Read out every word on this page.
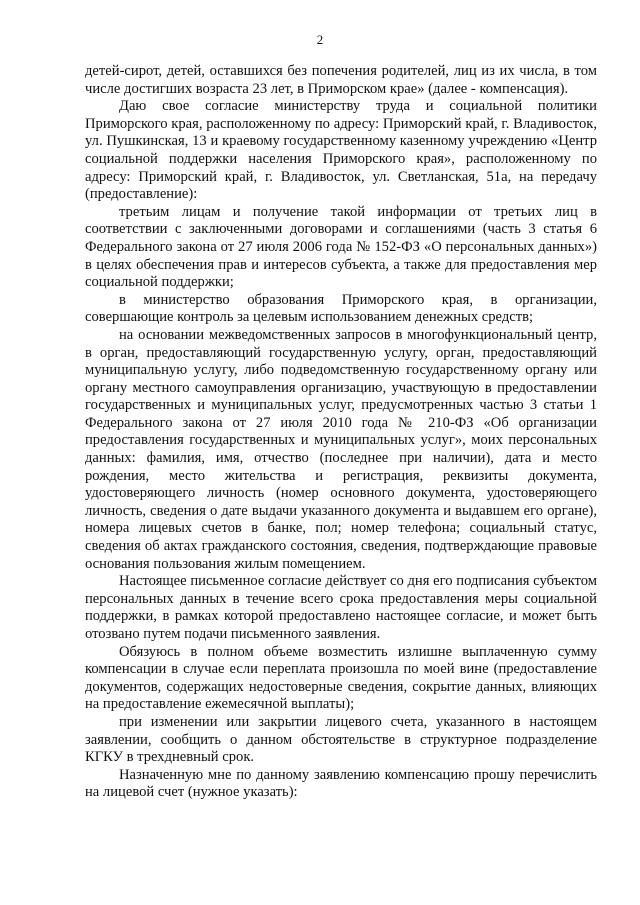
2

детей-сирот, детей, оставшихся без попечения родителей, лиц из их числа, в том числе достигших возраста 23 лет, в Приморском крае» (далее - компенсация).

Даю свое согласие министерству труда и социальной политики Приморского края, расположенному по адресу: Приморский край, г. Владивосток, ул. Пушкинская, 13 и краевому государственному казенному учреждению «Центр социальной поддержки населения Приморского края», расположенному по адресу: Приморский край, г. Владивосток, ул. Светланская, 51а, на передачу (предоставление):

третьим лицам и получение такой информации от третьих лиц в соответствии с заключенными договорами и соглашениями (часть 3 статья 6 Федерального закона от 27 июля 2006 года № 152-ФЗ «О персональных данных») в целях обеспечения прав и интересов субъекта, а также для предоставления мер социальной поддержки;

в министерство образования Приморского края, в организации, совершающие контроль за целевым использованием денежных средств;

на основании межведомственных запросов в многофункциональный центр, в орган, предоставляющий государственную услугу, орган, предоставляющий муниципальную услугу, либо подведомственную государственному органу или органу местного самоуправления организацию, участвующую в предоставлении государственных и муниципальных услуг, предусмотренных частью 3 статьи 1 Федерального закона от 27 июля 2010 года № 210-ФЗ «Об организации предоставления государственных и муниципальных услуг», моих персональных данных: фамилия, имя, отчество (последнее при наличии), дата и место рождения, место жительства и регистрация, реквизиты документа, удостоверяющего личность (номер основного документа, удостоверяющего личность, сведения о дате выдачи указанного документа и выдавшем его органе), номера лицевых счетов в банке, пол; номер телефона; социальный статус, сведения об актах гражданского состояния, сведения, подтверждающие правовые основания пользования жилым помещением.

Настоящее письменное согласие действует со дня его подписания субъектом персональных данных в течение всего срока предоставления меры социальной поддержки, в рамках которой предоставлено настоящее согласие, и может быть отозвано путем подачи письменного заявления.

Обязуюсь в полном объеме возместить излишне выплаченную сумму компенсации в случае если переплата произошла по моей вине (предоставление документов, содержащих недостоверные сведения, сокрытие данных, влияющих на предоставление ежемесячной выплаты);

при изменении или закрытии лицевого счета, указанного в настоящем заявлении, сообщить о данном обстоятельстве в структурное подразделение КГКУ в трехдневный срок.

Назначенную мне по данному заявлению компенсацию прошу перечислить на лицевой счет (нужное указать):
